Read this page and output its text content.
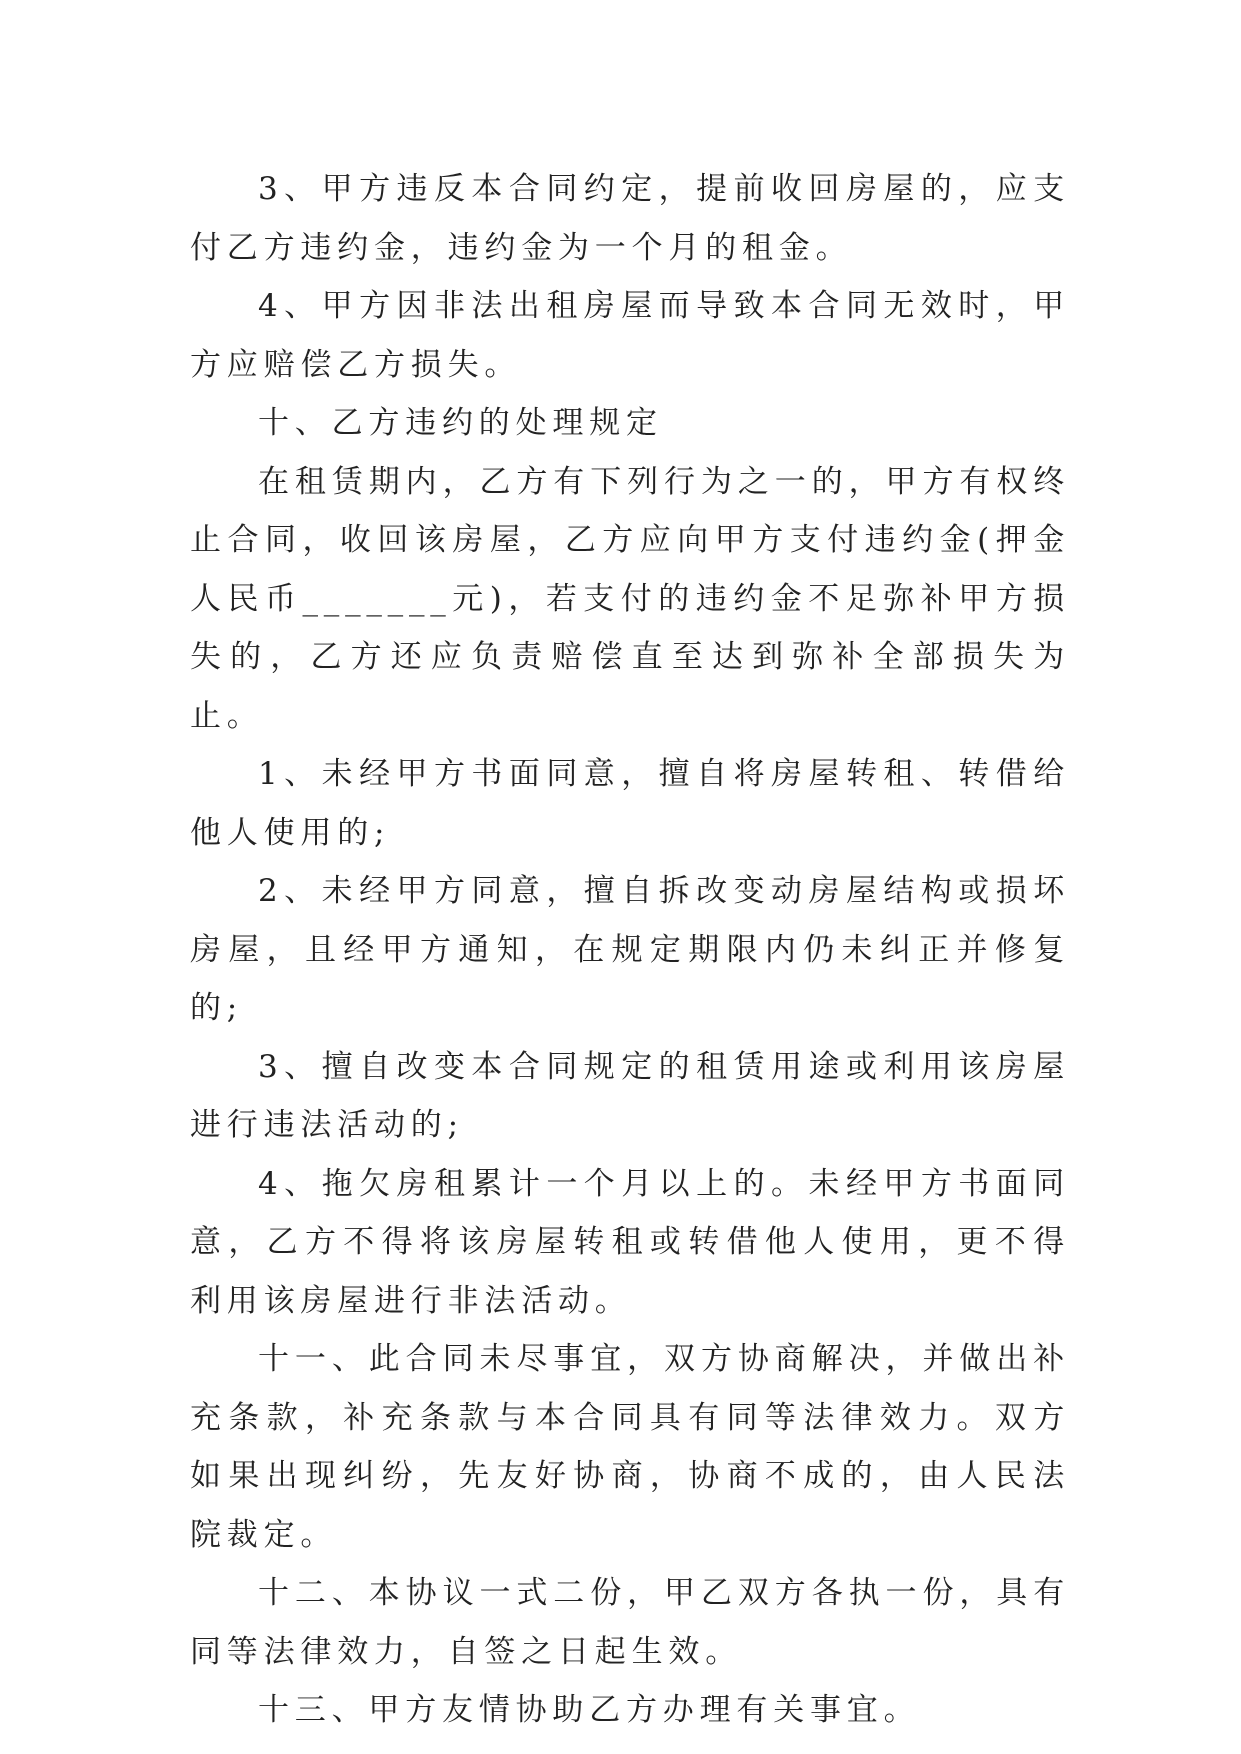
3、甲方违反本合同约定，提前收回房屋的，应支付乙方违约金，违约金为一个月的租金。

4、甲方因非法出租房屋而导致本合同无效时，甲方应赔偿乙方损失。

十、乙方违约的处理规定

在租赁期内，乙方有下列行为之一的，甲方有权终止合同，收回该房屋，乙方应向甲方支付违约金(押金人民币_______元)，若支付的违约金不足弥补甲方损失的，乙方还应负责赔偿直至达到弥补全部损失为止。

1、未经甲方书面同意，擅自将房屋转租、转借给他人使用的;

2、未经甲方同意，擅自拆改变动房屋结构或损坏房屋，且经甲方通知，在规定期限内仍未纠正并修复的;

3、擅自改变本合同规定的租赁用途或利用该房屋进行违法活动的;

4、拖欠房租累计一个月以上的。未经甲方书面同意，乙方不得将该房屋转租或转借他人使用，更不得利用该房屋进行非法活动。

十一、此合同未尽事宜，双方协商解决，并做出补充条款，补充条款与本合同具有同等法律效力。双方如果出现纠纷，先友好协商，协商不成的，由人民法院裁定。

十二、本协议一式二份，甲乙双方各执一份，具有同等法律效力，自签之日起生效。

十三、甲方友情协助乙方办理有关事宜。
